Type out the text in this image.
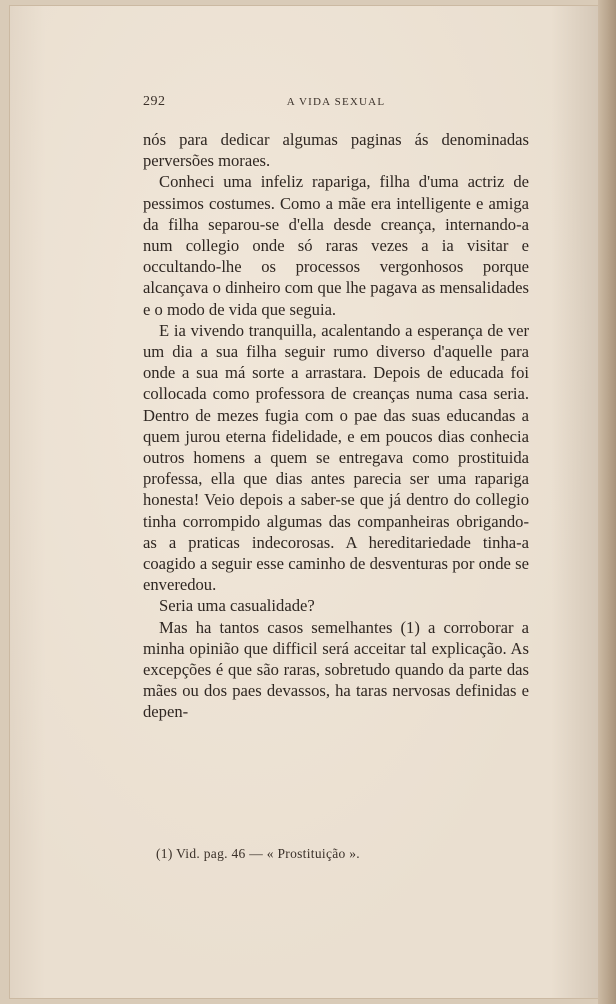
292	A VIDA SEXUAL

nós para dedicar algumas paginas ás denominadas perversões moraes.

Conheci uma infeliz rapariga, filha d'uma actriz de pessimos costumes. Como a mãe era intelligente e amiga da filha separou-se d'ella desde creança, internando-a num collegio onde só raras vezes a ia visitar e occultando-lhe os processos vergonhosos porque alcançava o dinheiro com que lhe pagava as mensalidades e o modo de vida que seguia.

E ia vivendo tranquilla, acalentando a esperança de ver um dia a sua filha seguir rumo diverso d'aquelle para onde a sua má sorte a arrastara. Depois de educada foi collocada como professora de creanças numa casa seria. Dentro de mezes fugia com o pae das suas educandas a quem jurou eterna fidelidade, e em poucos dias conhecia outros homens a quem se entregava como prostituida professa, ella que dias antes parecia ser uma rapariga honesta! Veio depois a saber-se que já dentro do collegio tinha corrompido algumas das companheiras obrigando-as a praticas indecorosas. A hereditariedade tinha-a coagido a seguir esse caminho de desventuras por onde se enveredou.

Seria uma casualidade?

Mas ha tantos casos semelhantes (1) a corroborar a minha opinião que difficil será acceitar tal explicação. As excepções é que são raras, sobretudo quando da parte das mães ou dos paes devassos, ha taras nervosas definidas e depen-

(1) Vid. pag. 46 — « Prostituição ».
